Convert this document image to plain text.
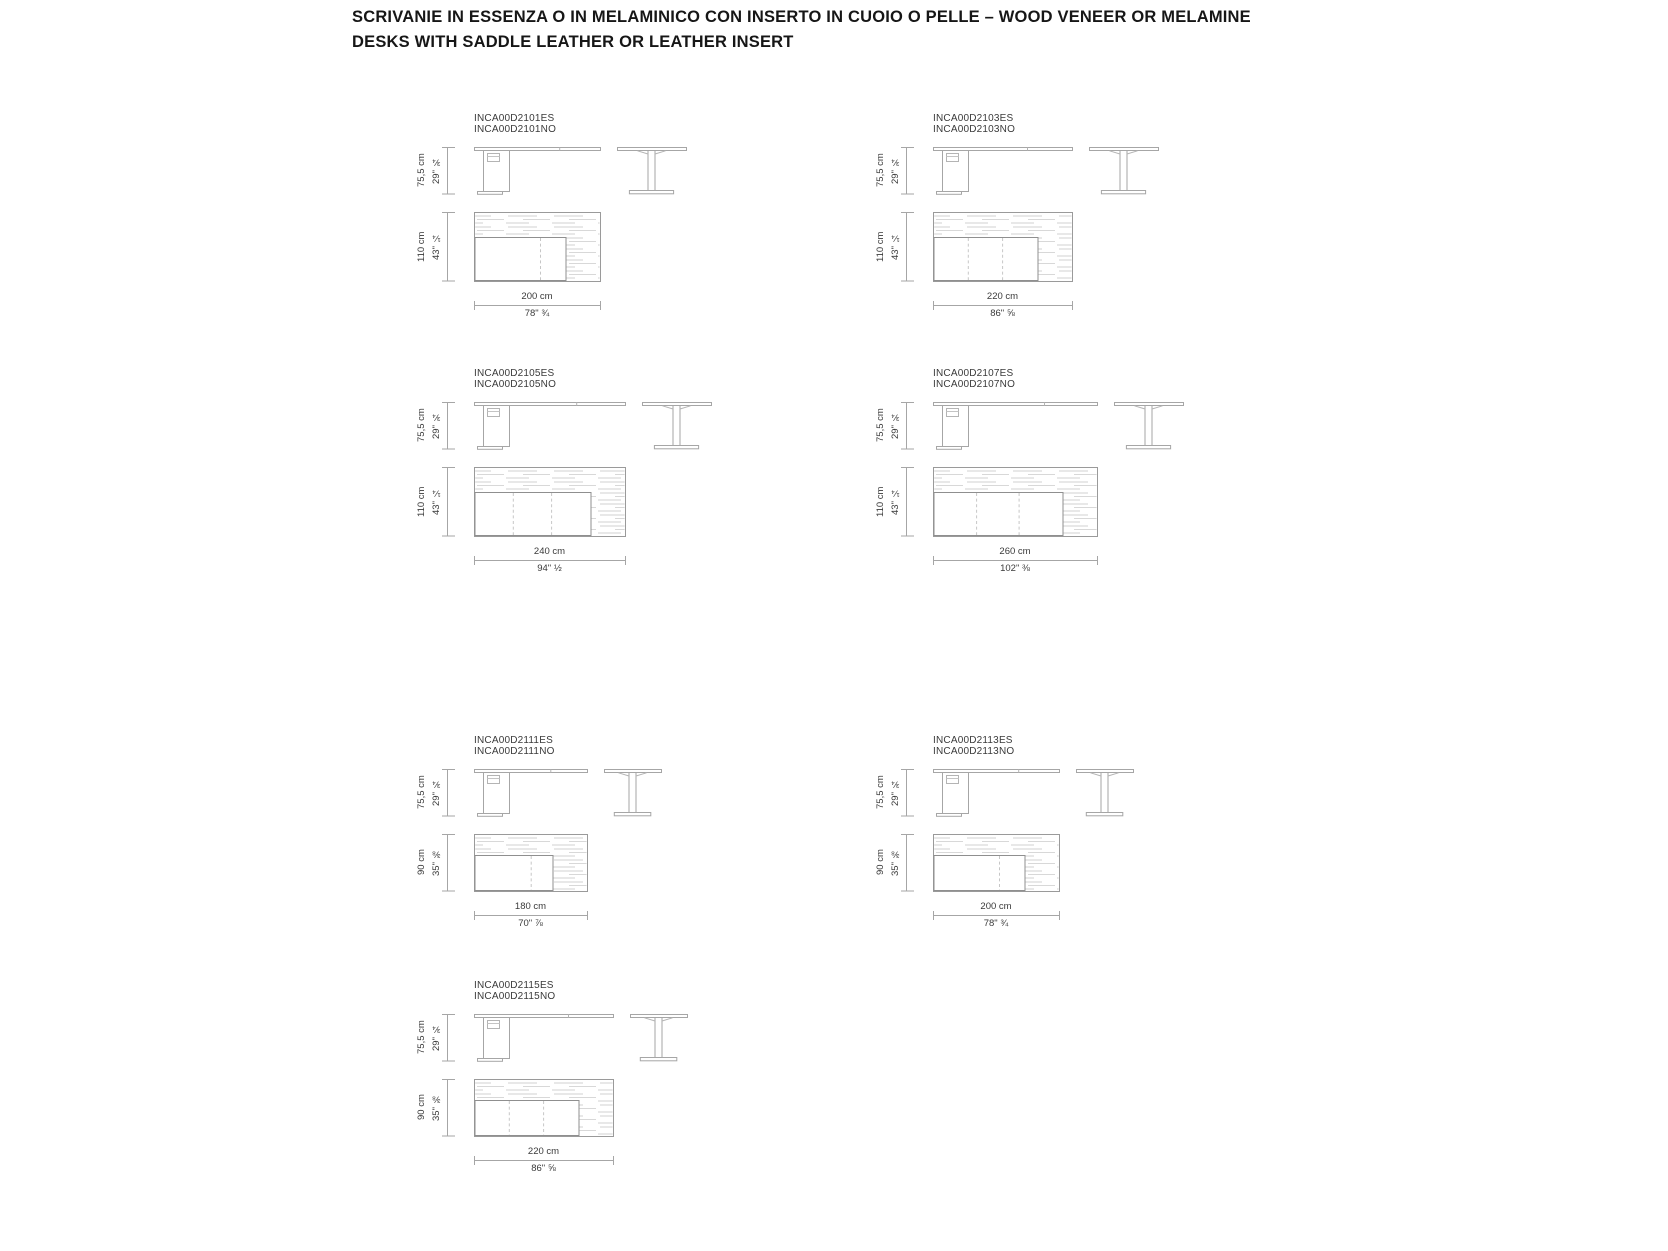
SCRIVANIE IN ESSENZA O IN MELAMINICO CON INSERTO IN CUOIO O PELLE – WOOD VENEER OR MELAMINE
DESKS WITH SADDLE LEATHER OR LEATHER INSERT
INCA00D2101ES
INCA00D2101NO
75,5 cm 29" ¾
110 cm 43" ¼
200 cm
78" ¾
INCA00D2103ES
INCA00D2103NO
75,5 cm 29" ¾
110 cm 43" ¼
220 cm
86" ⅝
INCA00D2105ES
INCA00D2105NO
75,5 cm 29" ¾
110 cm 43" ¼
240 cm
94" ½
INCA00D2107ES
INCA00D2107NO
75,5 cm 29" ¾
110 cm 43" ¼
260 cm
102" ⅜
INCA00D2111ES
INCA00D2111NO
75,5 cm 29" ¾
90 cm 35" ⅜
180 cm
70" ⅞
INCA00D2113ES
INCA00D2113NO
75,5 cm 29" ¾
90 cm 35" ⅜
200 cm
78" ¾
INCA00D2115ES
INCA00D2115NO
75,5 cm 29" ¾
90 cm 35" ⅜
220 cm
86" ⅝
